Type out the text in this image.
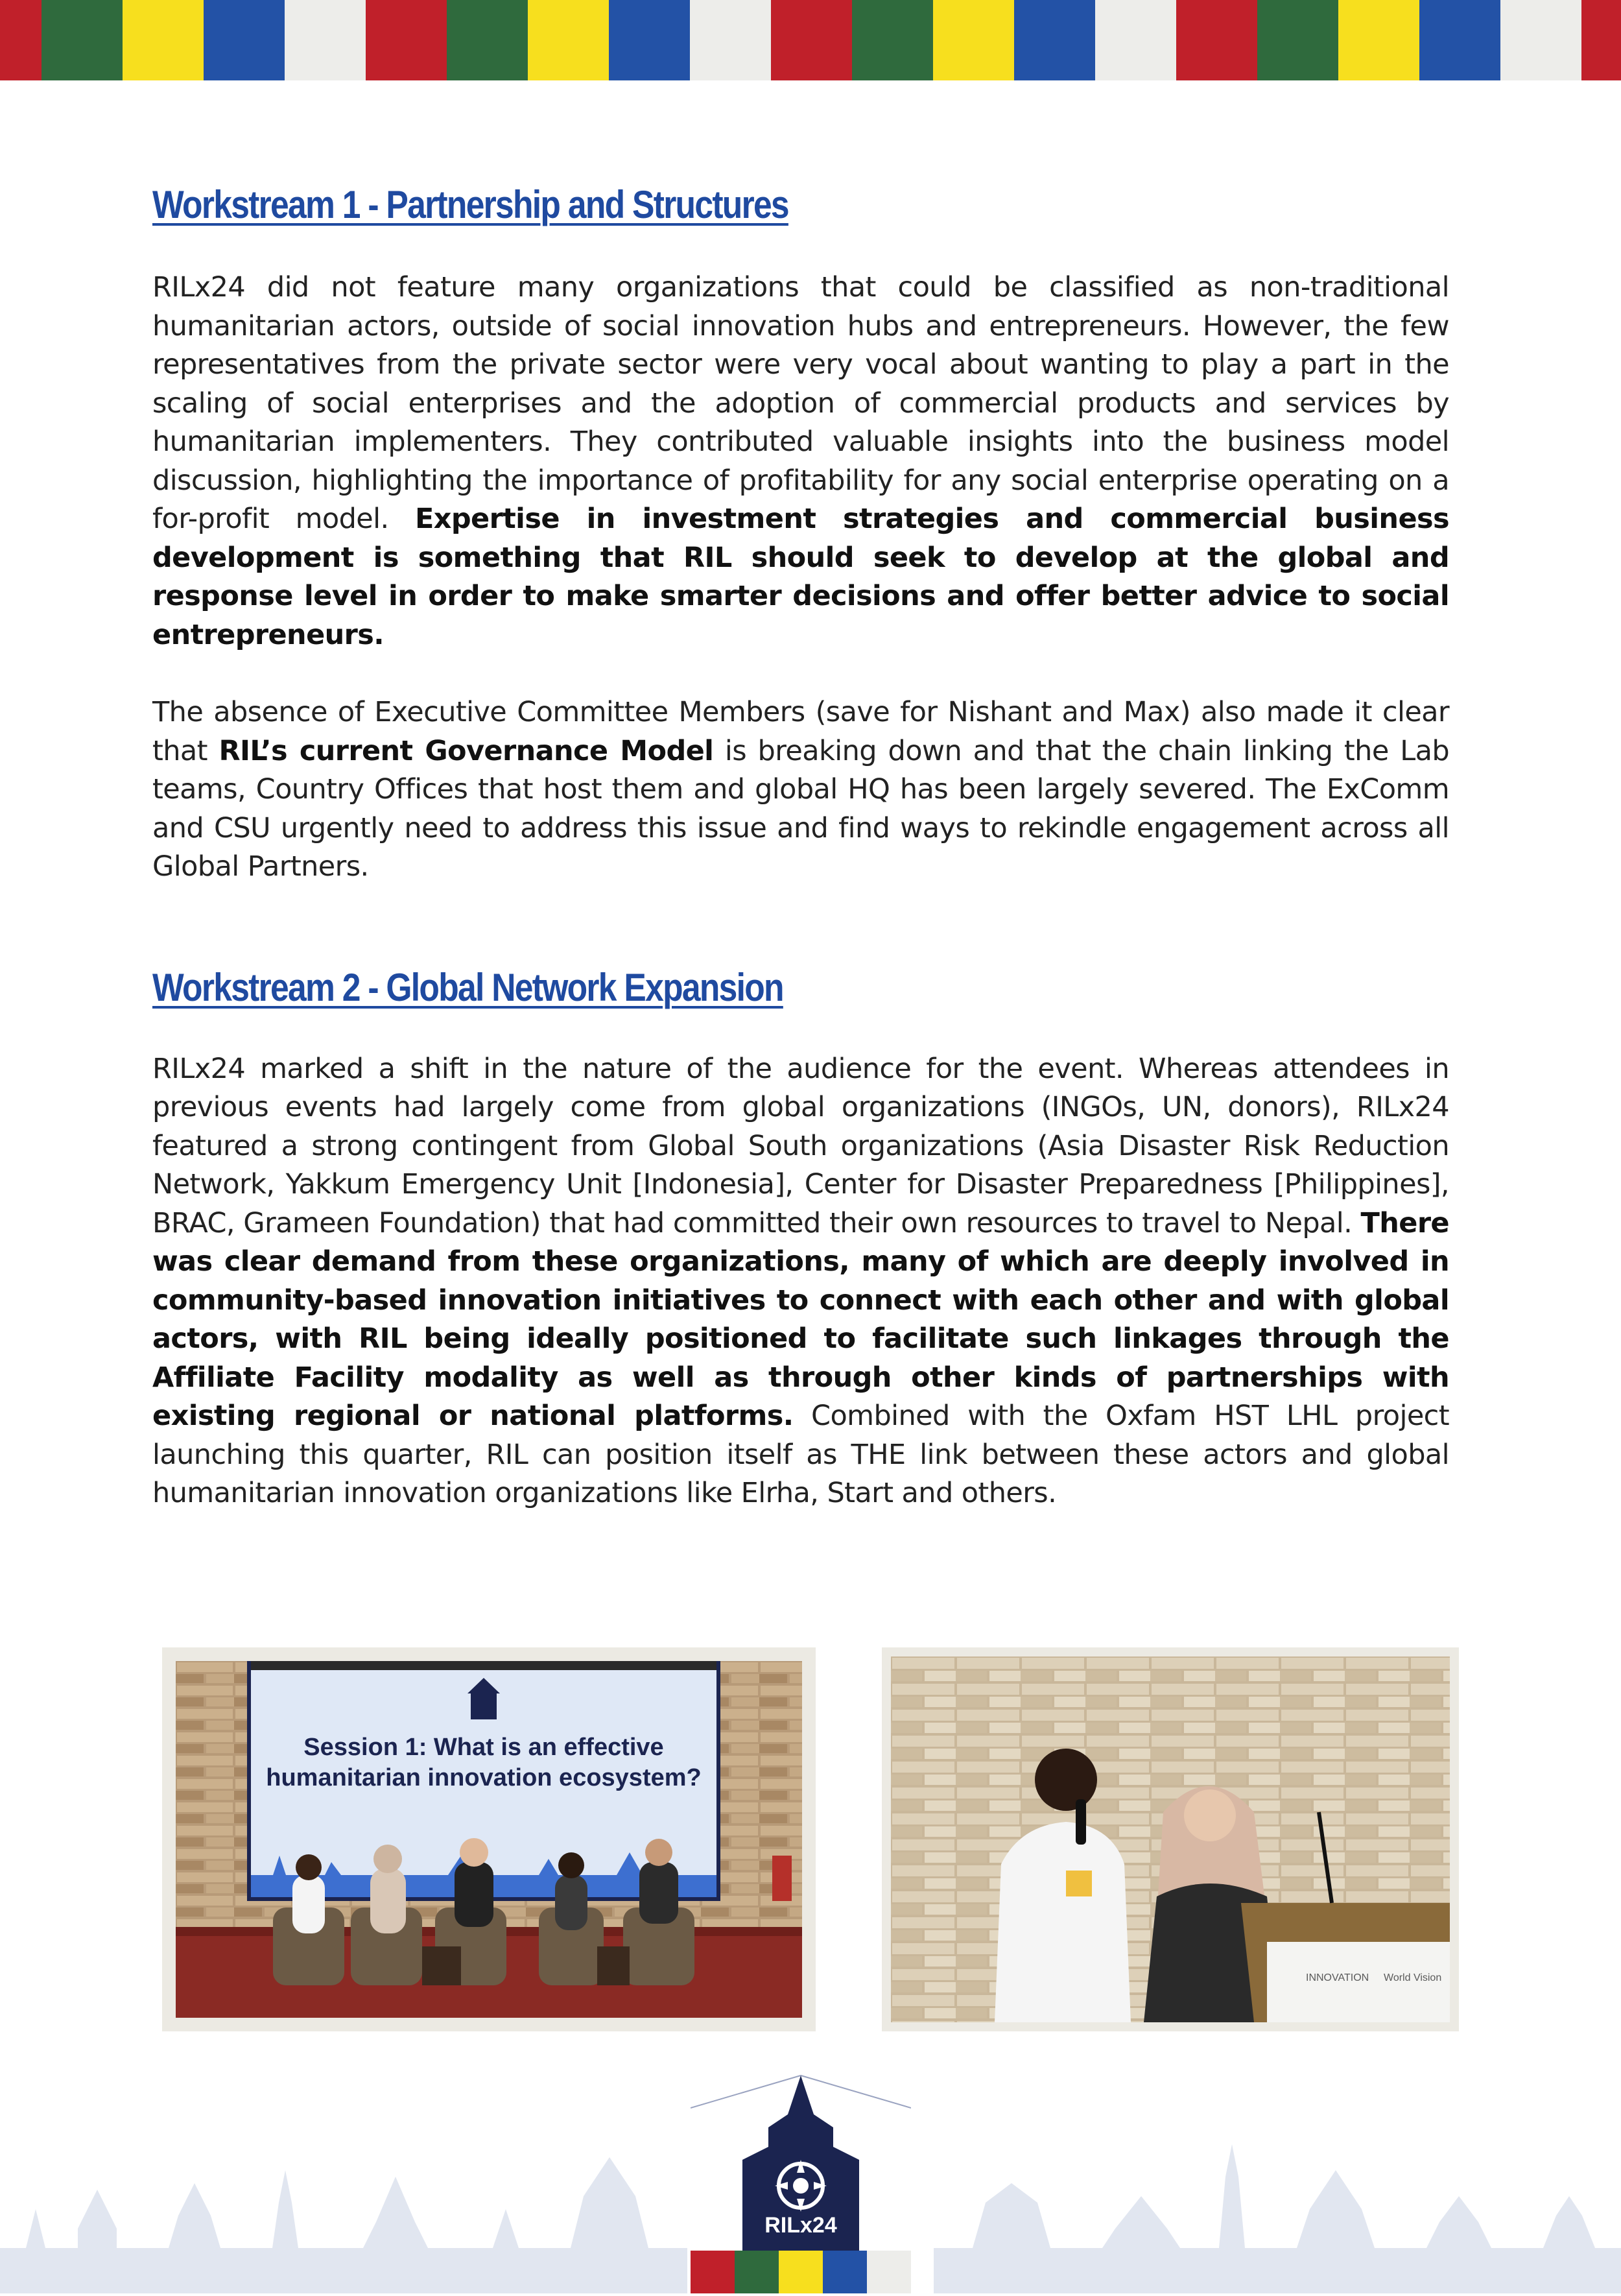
Workstream 1 - Partnership and Structures

RILx24 did not feature many organizations that could be classified as non-traditional humanitarian actors, outside of social innovation hubs and entrepreneurs. However, the few representatives from the private sector were very vocal about wanting to play a part in the scaling of social enterprises and the adoption of commercial products and services by humanitarian implementers. They contributed valuable insights into the business model discussion, highlighting the importance of profitability for any social enterprise operating on a for-profit model. Expertise in investment strategies and commercial business development is something that RIL should seek to develop at the global and response level in order to make smarter decisions and offer better advice to social entrepreneurs.

The absence of Executive Committee Members (save for Nishant and Max) also made it clear that RIL’s current Governance Model is breaking down and that the chain linking the Lab teams, Country Offices that host them and global HQ has been largely severed. The ExComm and CSU urgently need to address this issue and find ways to rekindle engagement across all Global Partners.

Workstream 2 - Global Network Expansion

RILx24 marked a shift in the nature of the audience for the event. Whereas attendees in previous events had largely come from global organizations (INGOs, UN, donors), RILx24 featured a strong contingent from Global South organizations (Asia Disaster Risk Reduction Network, Yakkum Emergency Unit [Indonesia], Center for Disaster Preparedness [Philippines], BRAC, Grameen Foundation) that had committed their own resources to travel to Nepal. There was clear demand from these organizations, many of which are deeply involved in community-based innovation initiatives to connect with each other and with global actors, with RIL being ideally positioned to facilitate such linkages through the Affiliate Facility modality as well as through other kinds of partnerships with existing regional or national platforms. Combined with the Oxfam HST LHL project launching this quarter, RIL can position itself as THE link between these actors and global humanitarian innovation organizations like Elrha, Start and others.

Session 1: What is an effective
humanitarian innovation ecosystem?
INNOVATION World Vision
RILx24
